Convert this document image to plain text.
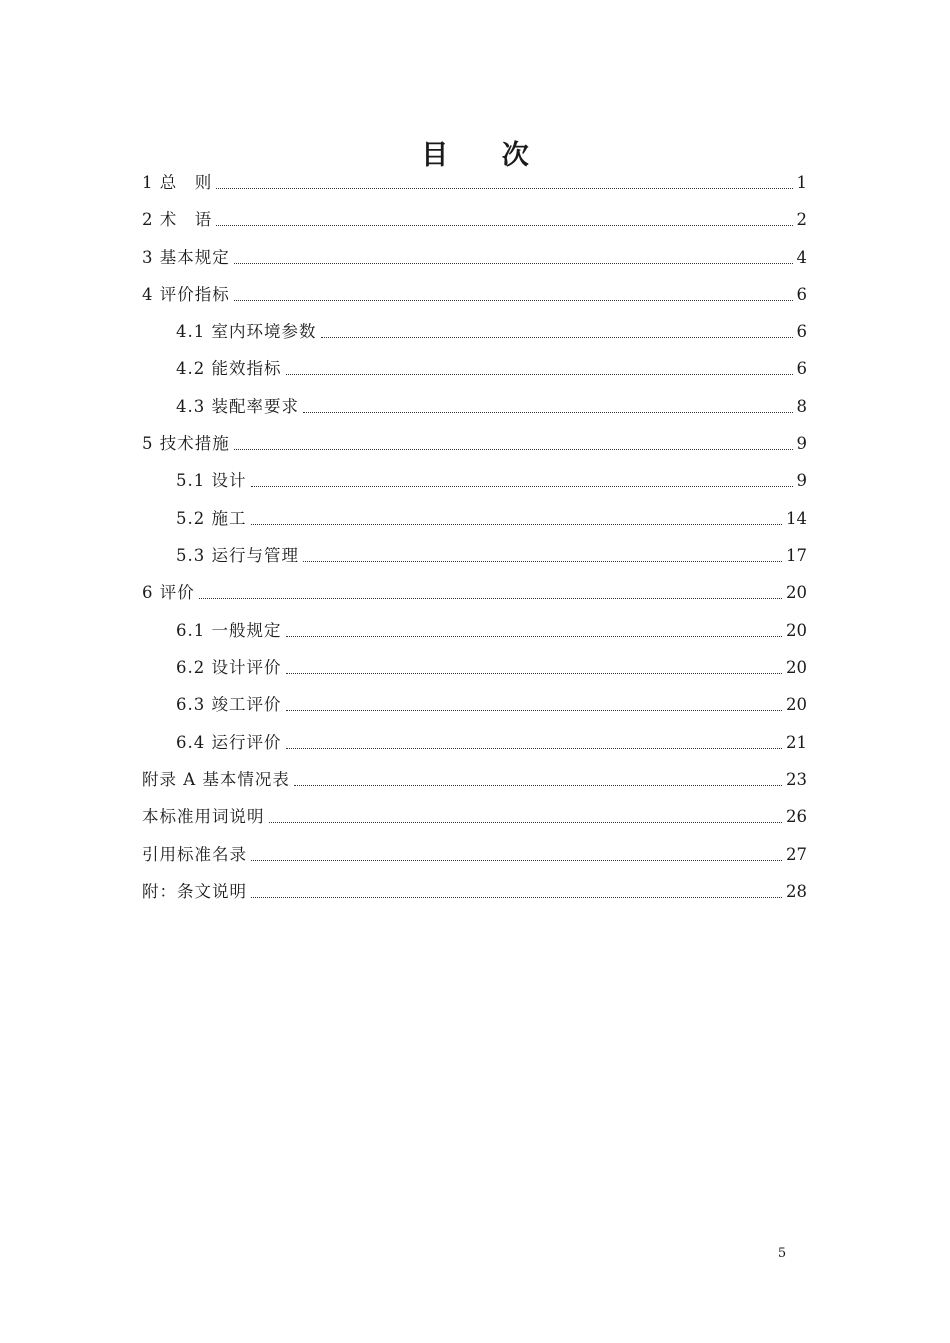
目 次
1 总　则	1
2 术　语	2
3 基本规定	4
4 评价指标	6
4.1 室内环境参数	6
4.2 能效指标	6
4.3 装配率要求	8
5 技术措施	9
5.1 设计	9
5.2 施工	14
5.3 运行与管理	17
6 评价	20
6.1 一般规定	20
6.2 设计评价	20
6.3 竣工评价	20
6.4 运行评价	21
附录 A 基本情况表	23
本标准用词说明	26
引用标准名录	27
附：条文说明	28
5
